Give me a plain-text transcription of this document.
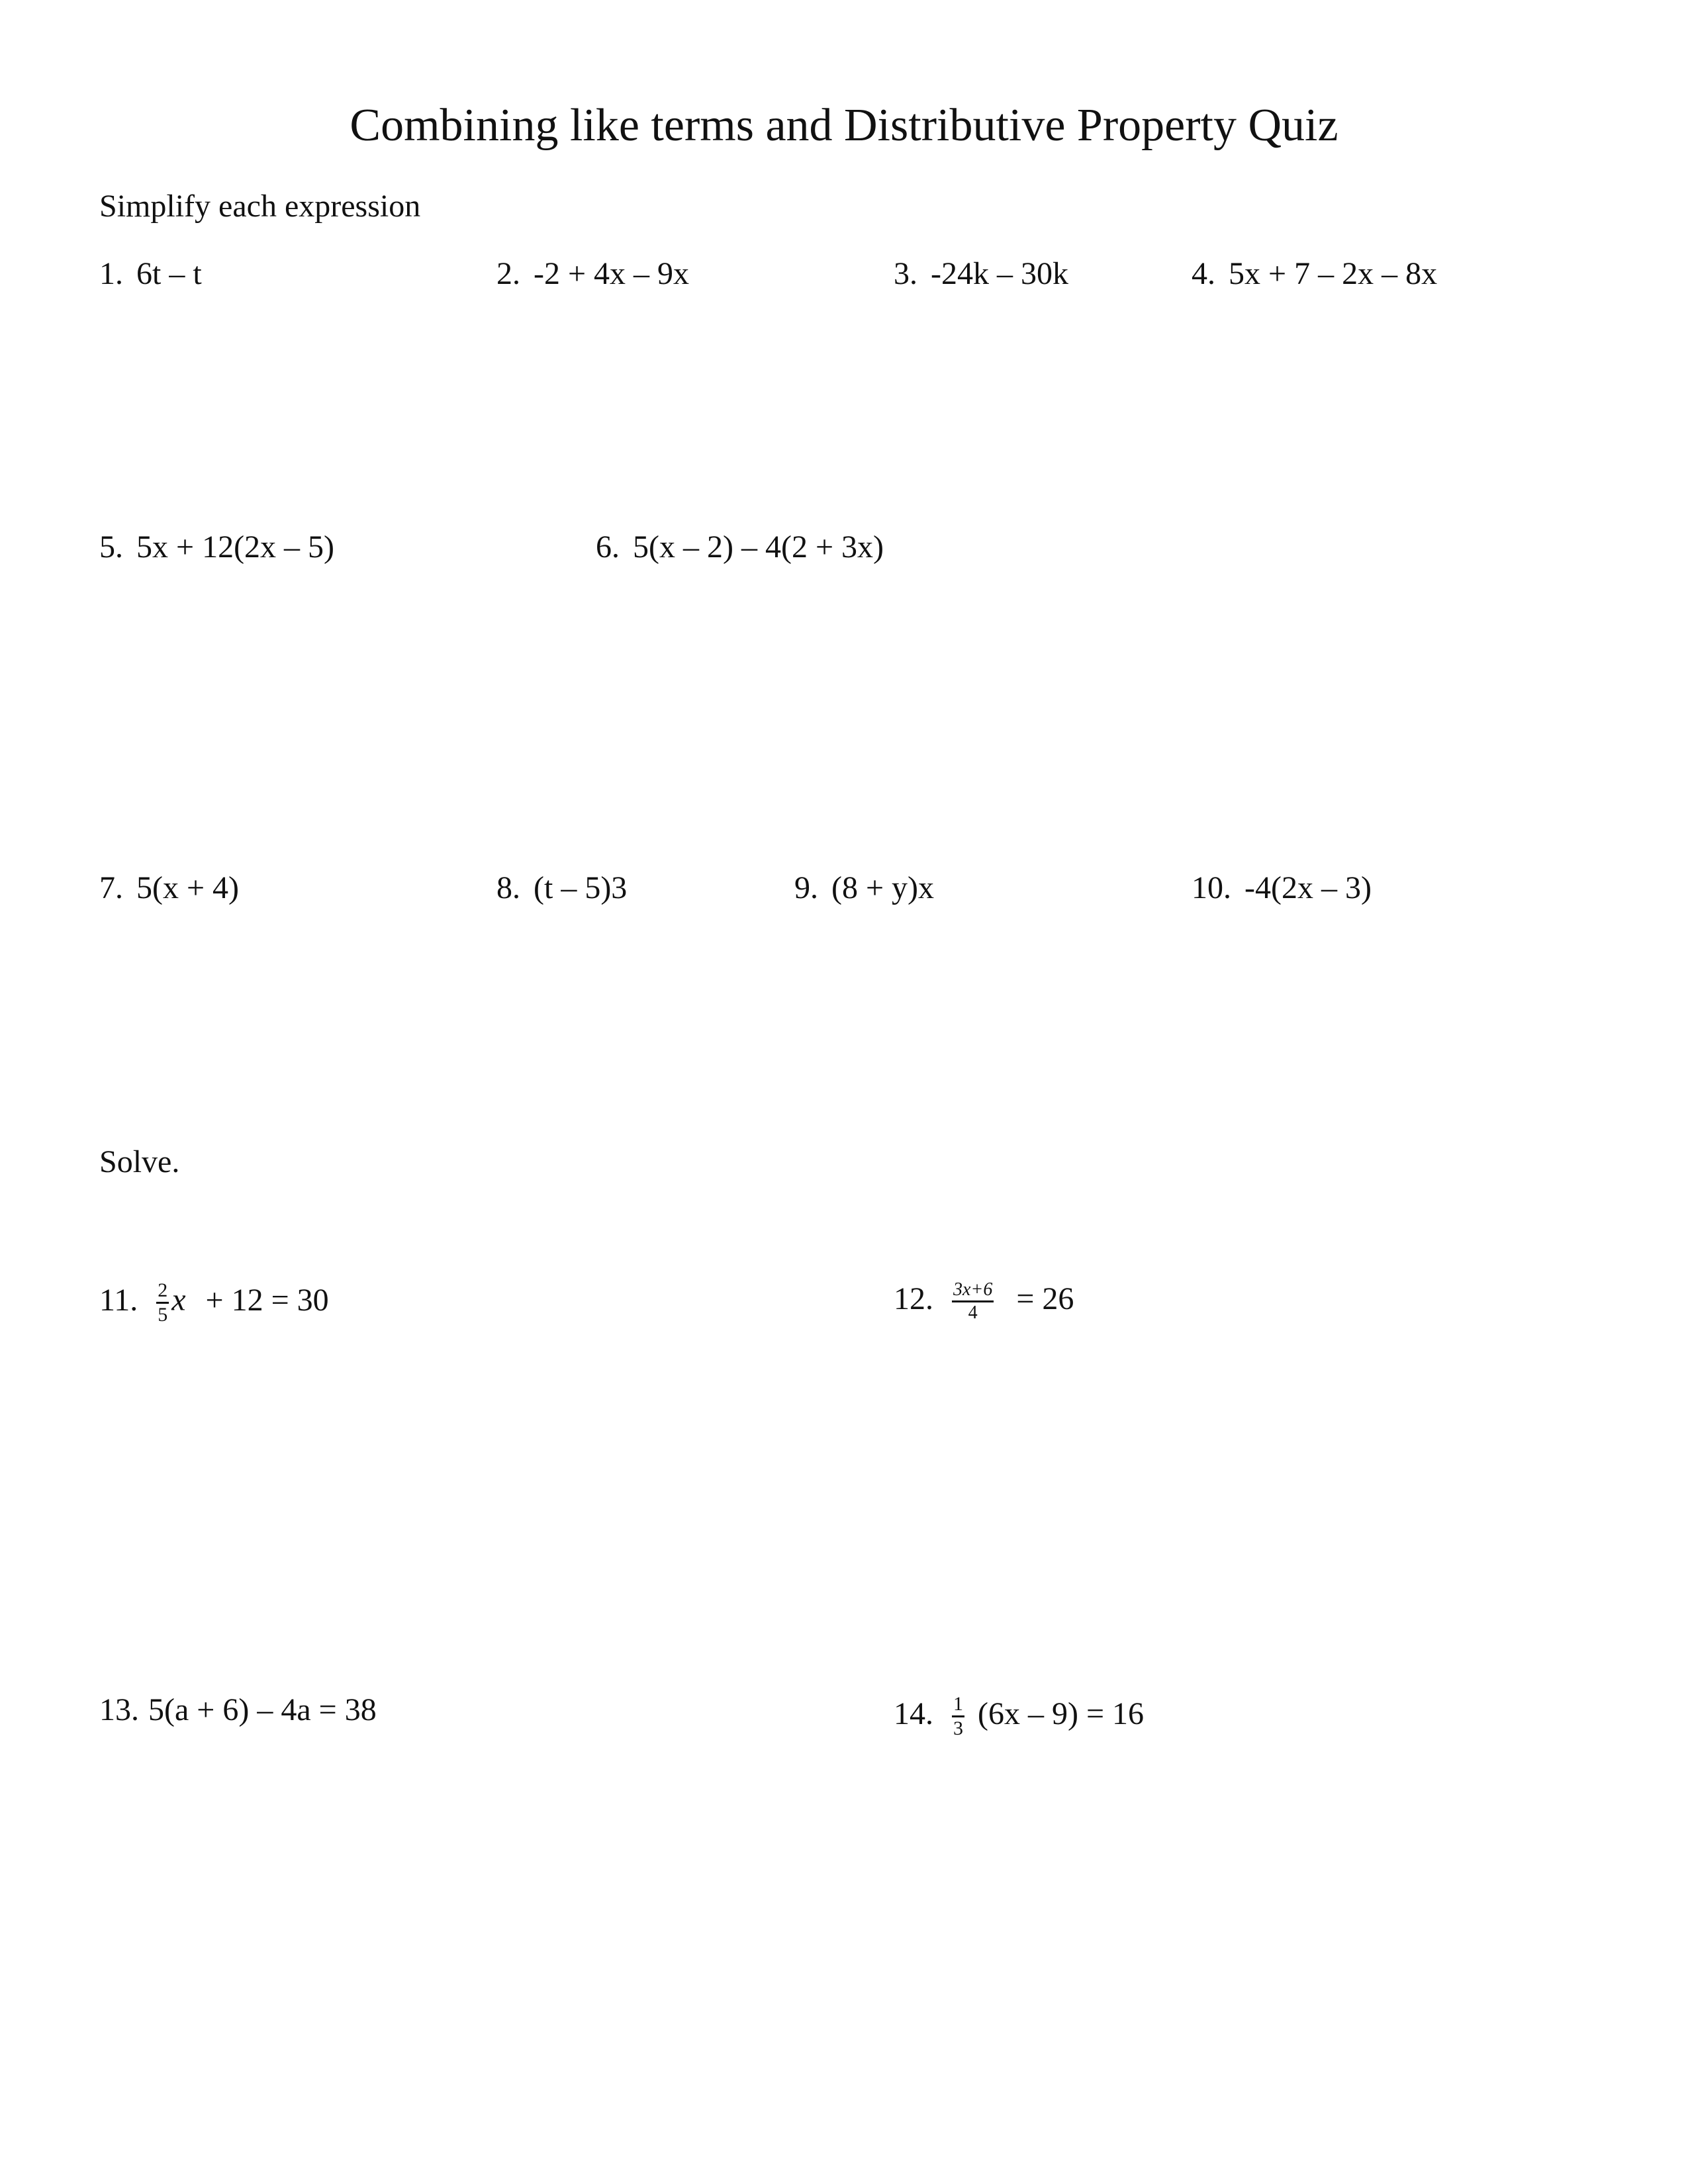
Combining like terms and Distributive Property Quiz
Simplify each expression
1. 6t – t	2. -2 + 4x – 9x	3. -24k – 30k	4. 5x + 7 – 2x – 8x
5. 5x + 12(2x – 5)	6. 5(x – 2) – 4(2 + 3x)
7. 5(x + 4)	8. (t – 5)3	9. (8 + y)x	10. -4(2x – 3)
Solve.
11. $\frac{2}{5}$ x + 12 = 30	12. $\frac{3x+6}{4} = 26$
13. 5(a + 6) – 4a = 38	14. $\frac{1}{3} (6x - 9) = 16$
